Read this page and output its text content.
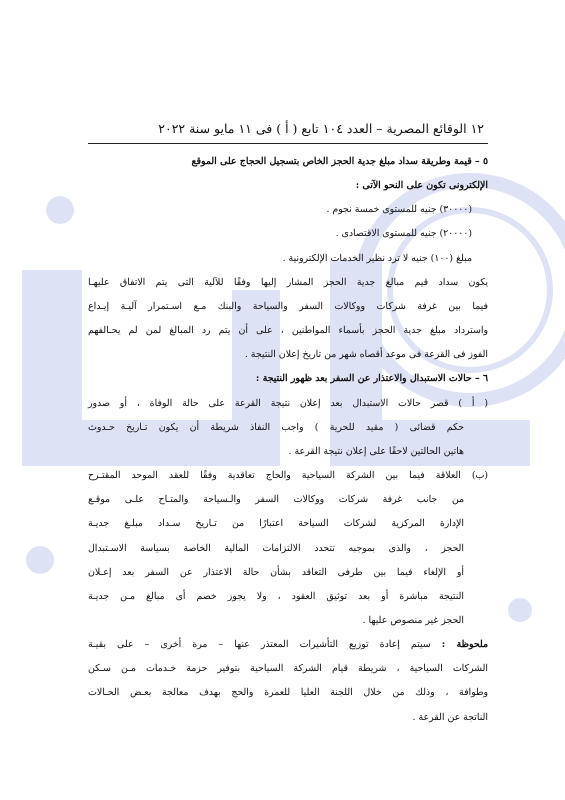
١٢ الوقائع المصرية – العدد ١٠٤ تابع ( أ ) فى ١١ مايو سنة ٢٠٢٢
٥ – قيمة وطريقة سداد مبلغ جدية الحجز الخاص بتسجيل الحجاج على الموقع
الإلكترونى تكون على النحو الآتى :
(٣٠٠٠٠) جنيه للمستوى خمسة نجوم .
(٢٠٠٠٠) جنيه للمستوى الاقتصادى .
مبلغ (١٠٠) جنيه لا ترد نظير الخدمات الإلكترونية .
يكون سداد قيم مبالغ جدية الحجز المشار إليها وفقًا للآلية التى يتم الاتفاق عليهـا
فيما بين غرفة شركات ووكالات السفر والسياحة والبنك مـع اسـتمرار آليـة إيـداع
واسترداد مبلغ جدية الحجز بأسماء المواطنين ، على أن يتم رد المبالغ لمن لم يحـالفهم
الفوز فى القرعة فى موعد أقصاه شهر من تاريخ إعلان النتيجة .
٦ – حالات الاستبدال والاعتذار عن السفر بعد ظهور النتيجة :
( أ ) قصر حالات الاستبدال بعد إعلان نتيجة القرعة على حالة الوفاة ، أو صدور
حكم قضائى ( مقيد للحرية ) واجب النفاذ شريطة أن يكون تـاريخ حـدوث
هاتين الحالتين لاحقًا على إعلان نتيجة القرعة .
(ب) العلاقة فيما بين الشركة السياحية والحاج تعاقدية وفقًا للعقد الموحد المقتـرح
من جانب غرفة شركات ووكالات السفر والـسياحة والمتـاح علـى موقـع
الإدارة المركزية لشركات السياحة اعتبارًا من تـاريخ سـداد مبلـغ جديـة
الحجز ، والذى بموجبه تتحدد الالتزامات المالية الخاصة بسياسة الاسـتبدال
أو الإلغاء فيما بين طرفى التعاقد بشأن حالة الاعتذار عن السفر بعد إعـلان
النتيجة مباشرة أو بعد توثيق العقود ، ولا يجوز خصم أى مبالغ مـن جديـة
الحجز غير منصوص عليها .
ملحوظة : سيتم إعادة توزيع التأشيرات المعتذر عنها – مرة أخرى – على بقيـة
الشركات السياحية ، شريطة قيام الشركة السياحية بتوفير حزمة خـدمات مـن سـكن
وطوافة ، وذلك من خلال اللجنة العليا للعمرة والحج بهدف معالجة بعـض الحـالات
الناتجة عن القرعة .
